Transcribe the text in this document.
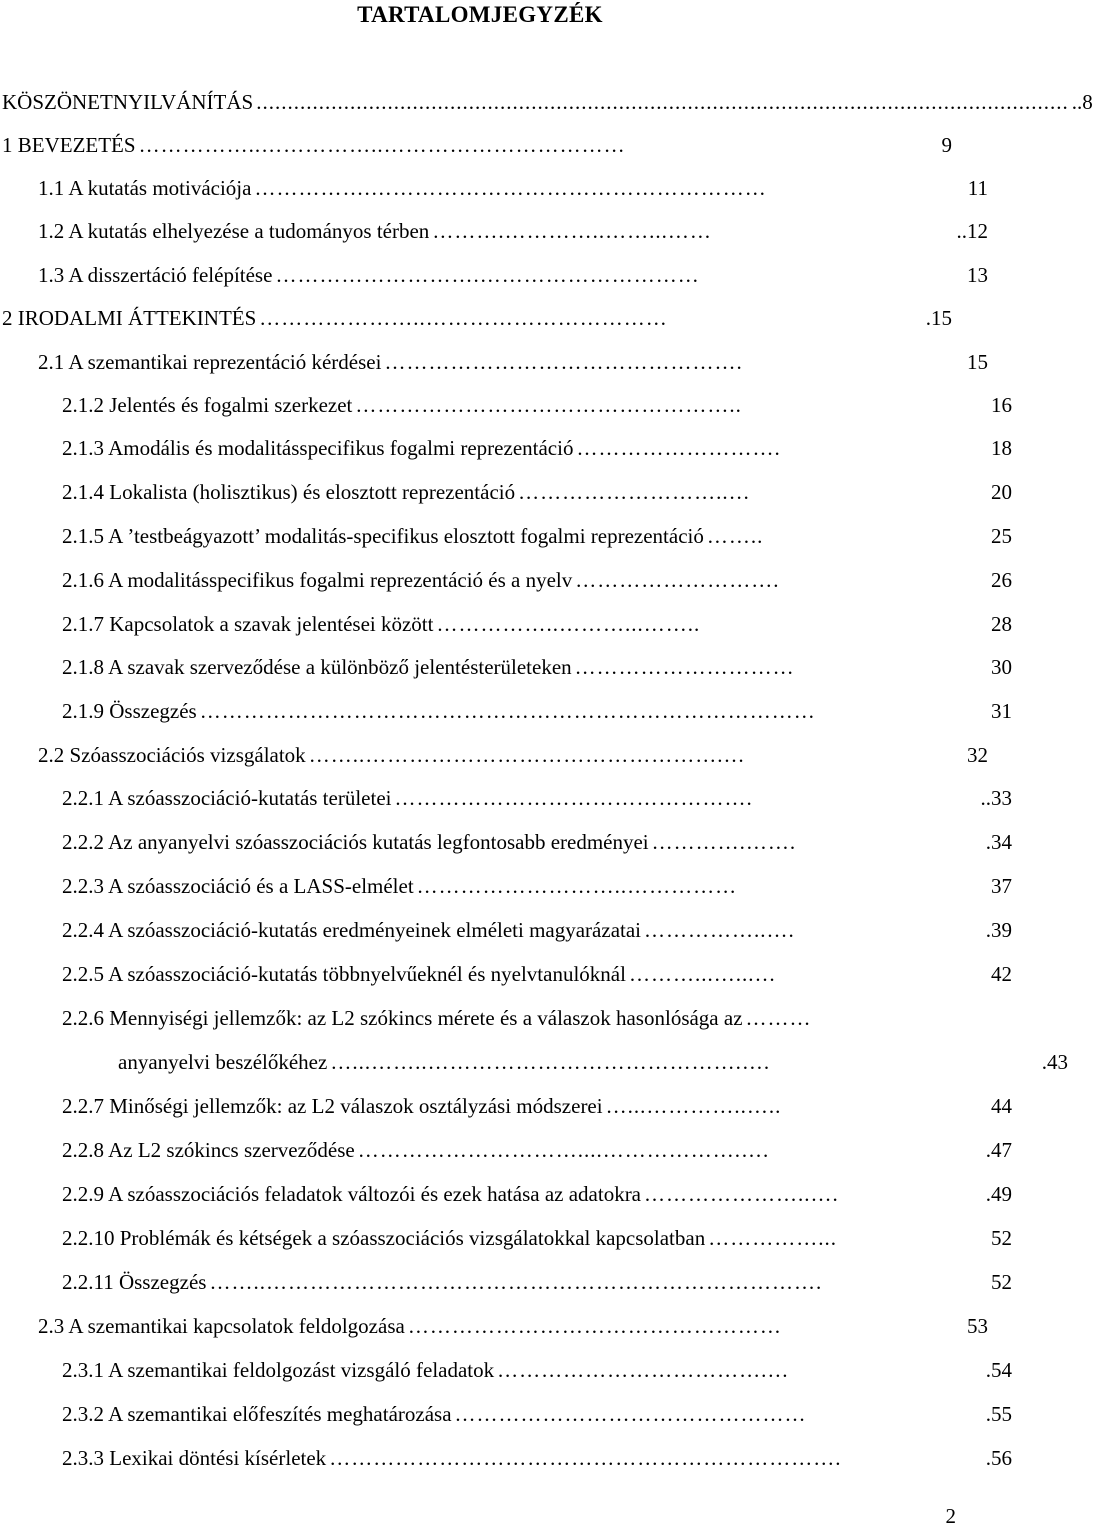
TARTALOMJEGYZÉK
KÖSZÖNETNYILVÁNÍTÁS .................................................................................................................................. ..8
1 BEVEZETÉS ……………..……………..……………………………	9
1.1 A kutatás motivációja …………….………………………………………………	11
1.2 A kutatás elhelyezése a tudományos térben ……….…………..……...……	..12
1.3 A disszertáció felépítése ……………………….…………………………	13
2 IRODALMI ÁTTEKINTÉS …………………..……………………………	.15
2.1 A szemantikai reprezentáció kérdései ………………………………………….	15
2.1.2 Jelentés és fogalmi szerkezet ……………………………………………..	16
2.1.3 Amodális és modalitásspecifikus fogalmi reprezentáció ……………………….	18
2.1.4 Lokalista (holisztikus) és elosztott reprezentáció ………………………..…	20
2.1.5 A ’testbeágyazott’ modalitás-specifikus elosztott fogalmi reprezentáció ……..	25
2.1.6 A modalitásspecifikus fogalmi reprezentáció és a nyelv ……………………….	26
2.1.7 Kapcsolatok a szavak jelentései között ……………..………...……..	28
2.1.8 A szavak szerveződése a különböző jelentésterületeken …………………………	30
2.1.9 Összegzés …………………………………………………………………………	31
2.2 Szóasszociációs vizsgálatok ……..………………………………………….…	32
2.2.1 A szóasszociáció-kutatás területei ………………………………………….	..33
2.2.2 Az anyanyelvi szóasszociációs kutatás legfontosabb eredményei ………….…….	.34
2.2.3 A szóasszociáció és a LASS-elmélet ………………………..……………	37
2.2.4 A szóasszociáció-kutatás eredményeinek elméleti magyarázatai ……………..….	.39
2.2.5 A szóasszociáció-kutatás többnyelvűeknél és nyelvtanulóknál ………...…...…	42
2.2.6 Mennyiségi jellemzők: az L2 szókincs mérete és a válaszok hasonlósága az ………
anyanyelvi beszélőkéhez …...……..…………………………………….….	.43
2.2.7 Minőségi jellemzők: az L2 válaszok osztályzási módszerei …...…………..…..	44
2.2.8 Az L2 szókincs szerveződése …………………………....……………….….	.47
2.2.9 A szóasszociációs feladatok változói és ezek hatása az adatokra …………………..….	.49
2.2.10 Problémák és kétségek a szóasszociációs vizsgálatokkal kapcsolatban ……………...	52
2.2.11 Összegzés ……..………………………………………………………………….	52
2.3 A szemantikai kapcsolatok feldolgozása ……………………………………………	53
2.3.1 A szemantikai feldolgozást vizsgáló feladatok ……………………………….…	.54
2.3.2 A szemantikai előfeszítés meghatározása …………………………………………	.55
2.3.3 Lexikai döntési kísérletek …………………………………………………………….	.56
2
